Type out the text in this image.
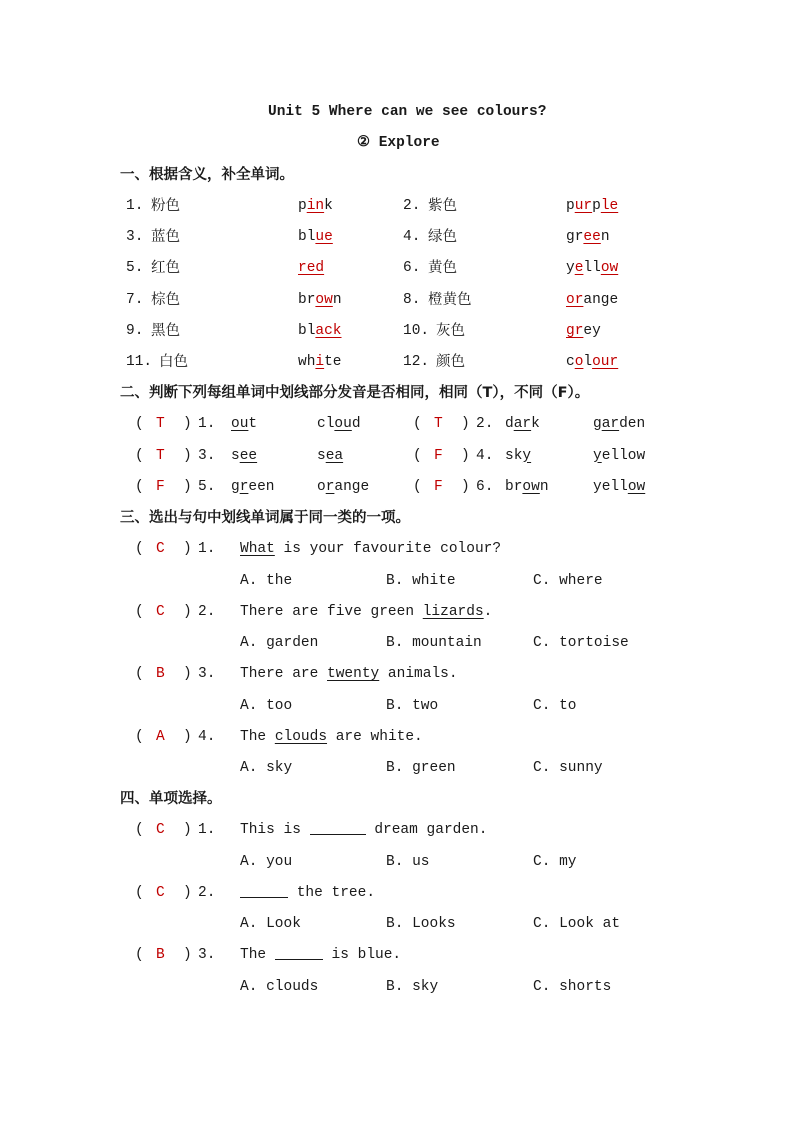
Unit 5 Where can we see colours?
② Explore
一、根据含义，补全单词。
1. 粉色	pink	2. 紫色	purple
3. 蓝色	blue	4. 绿色	green
5. 红色	red	6. 黄色	yellow
7. 棕色	brown	8. 橙黄色	orange
9. 黑色	black	10. 灰色	grey
11. 白色	white	12. 颜色	colour
二、判断下列每组单词中划线部分发音是否相同，相同（T），不同（F）。
( T ) 1. out	cloud	( T ) 2. dark	garden
( T ) 3. see	sea	( F ) 4. sky	yellow
( F ) 5. green	orange	( F ) 6. brown	yellow
三、选出与句中划线单词属于同一类的一项。
( C ) 1. What is your favourite colour?
A. the	B. white	C. where
( C ) 2. There are five green lizards.
A. garden	B. mountain	C. tortoise
( B ) 3. There are twenty animals.
A. too	B. two	C. to
( A ) 4. The clouds are white.
A. sky	B. green	C. sunny
四、单项选择。
( C ) 1. This is	dream garden.
A. you	B. us	C. my
( C ) 2.	the tree.
A. Look	B. Looks	C. Look at
( B ) 3. The	is blue.
A. clouds	B. sky	C. shorts
